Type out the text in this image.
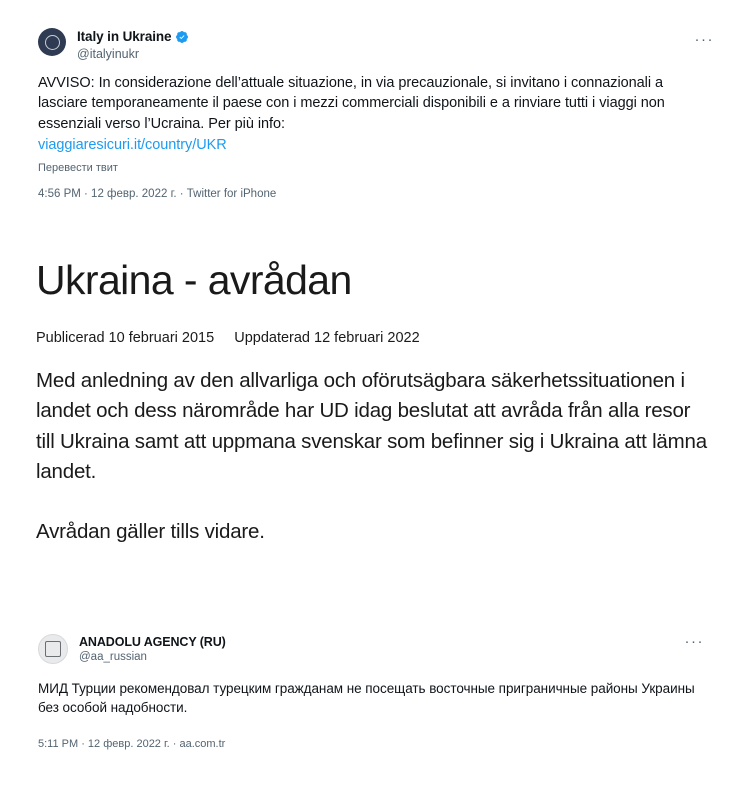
Italy in Ukraine
@italyinukr
···
AVVISO: In considerazione dell’attuale situazione, in via precauzionale, si invitano i connazionali a lasciare temporaneamente il paese con i mezzi commerciali disponibili e a rinviare tutti i viaggi non essenziali verso l’Ucraina. Per più info:
viaggiaresicuri.it/country/UKR
Перевести твит
4:56 PM · 12 февр. 2022 г. · Twitter for iPhone
Ukraina - avrådan
Publicerad 10 februari 2015 Uppdaterad 12 februari 2022

Med anledning av den allvarliga och oförutsägbara säkerhetssituationen i landet och dess närområde har UD idag beslutat att avråda från alla resor till Ukraina samt att uppmana svenskar som befinner sig i Ukraina att lämna landet.

Avrådan gäller tills vidare.

ANADOLU AGENCY (RU)
@aa_russian
···
МИД Турции рекомендовал турецким гражданам не посещать восточные приграничные районы Украины без особой надобности.
5:11 PM · 12 февр. 2022 г. · aa.com.tr
